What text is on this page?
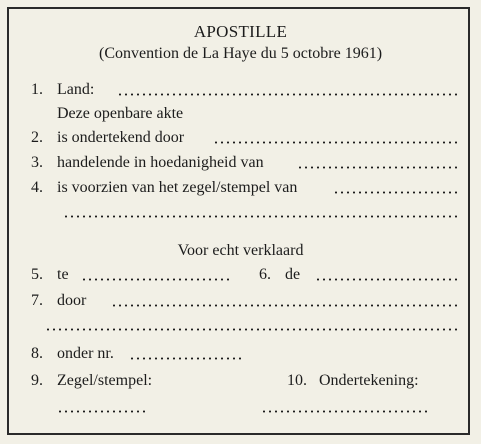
APOSTILLE
(Convention de La Haye du 5 octobre 1961)
1. Land:
Deze openbare akte
2. is ondertekend door
3. handelende in hoedanigheid van
4. is voorzien van het zegel/stempel van
Voor echt verklaard
5. te	6. de
7. door
8. onder nr.
9. Zegel/stempel:	10. Ondertekening:
